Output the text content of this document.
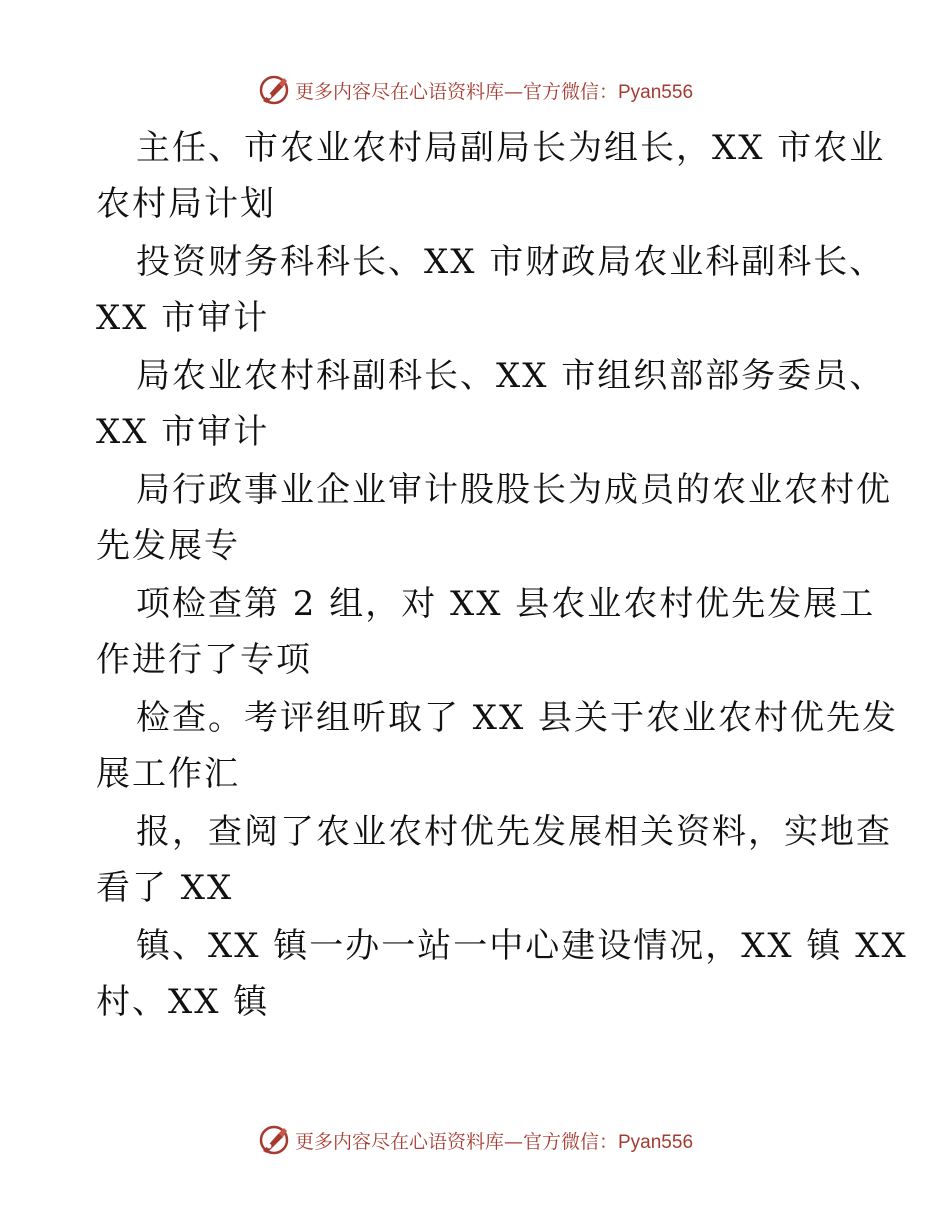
更多内容尽在心语资料库—官方微信：Pyan556
主任、市农业农村局副局长为组长，XX 市农业
农村局计划
投资财务科科长、XX 市财政局农业科副科长、
XX 市审计
局农业农村科副科长、XX 市组织部部务委员、
XX 市审计
局行政事业企业审计股股长为成员的农业农村优
先发展专
项检查第 2 组，对 XX 县农业农村优先发展工
作进行了专项
检查。考评组听取了 XX 县关于农业农村优先发
展工作汇
报，查阅了农业农村优先发展相关资料，实地查
看了 XX
镇、XX 镇一办一站一中心建设情况，XX 镇 XX
村、XX 镇
更多内容尽在心语资料库—官方微信：Pyan556
